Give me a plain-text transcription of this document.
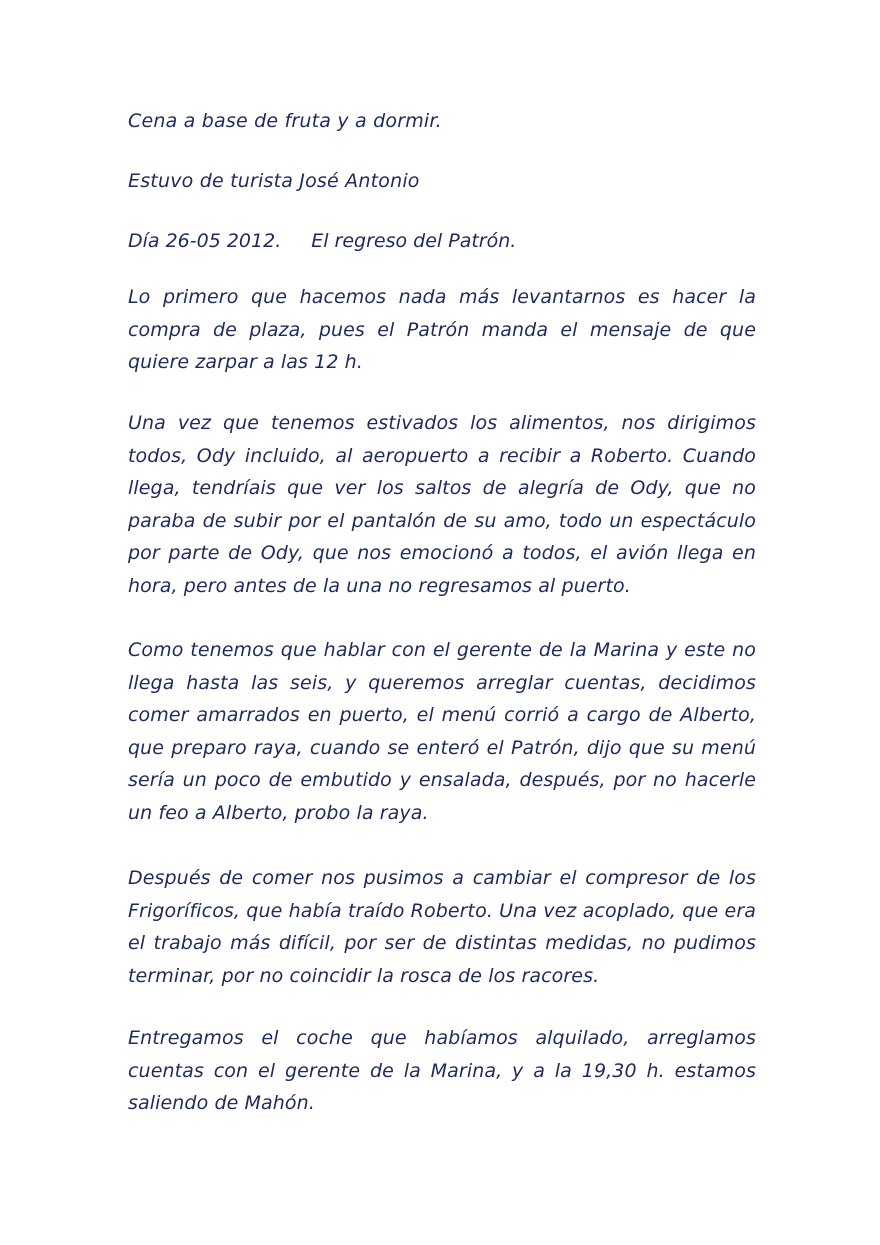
Cena a base de fruta y a dormir.
Estuvo de turista José Antonio
Día 26-05 2012. El regreso del Patrón.
Lo primero que hacemos nada más levantarnos es hacer la compra de plaza, pues el Patrón manda el mensaje de que quiere zarpar a las 12 h.
Una vez que tenemos estivados los alimentos, nos dirigimos todos, Ody incluido, al aeropuerto a recibir a Roberto. Cuando llega, tendríais que ver los saltos de alegría de Ody, que no paraba de subir por el pantalón de su amo, todo un espectáculo por parte de Ody, que nos emocionó a todos, el avión llega en hora, pero antes de la una no regresamos al puerto.
Como tenemos que hablar con el gerente de la Marina y este no llega hasta las seis, y queremos arreglar cuentas, decidimos comer amarrados en puerto, el menú corrió a cargo de Alberto, que preparo raya, cuando se enteró el Patrón, dijo que su menú sería un poco de embutido y ensalada, después, por no hacerle un feo a Alberto, probo la raya.
Después de comer nos pusimos a cambiar el compresor de los Frigoríficos, que había traído Roberto. Una vez acoplado, que era el trabajo más difícil, por ser de distintas medidas, no pudimos terminar, por no coincidir la rosca de los racores.
Entregamos el coche que habíamos alquilado, arreglamos cuentas con el gerente de la Marina, y a la 19,30 h. estamos saliendo de Mahón.
